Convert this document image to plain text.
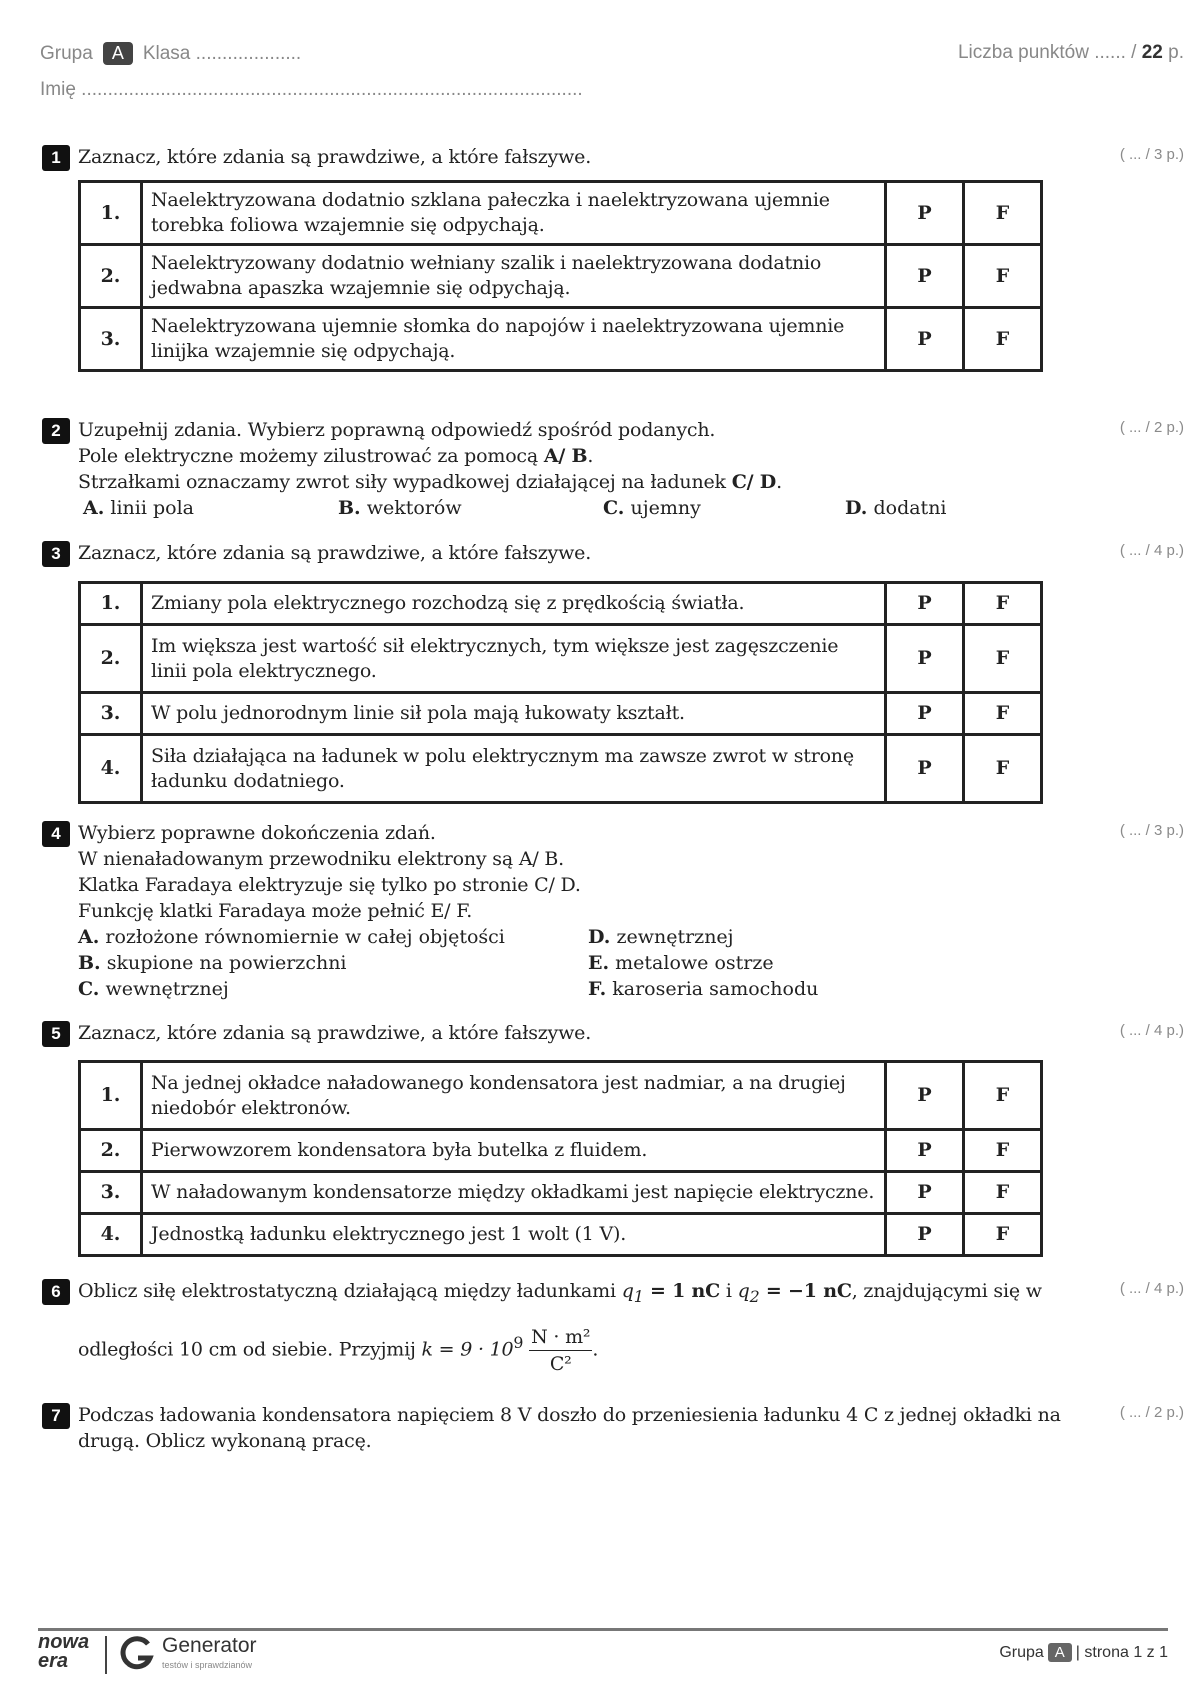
Grupa	A	Klasa ....................
Imię ...............................................................................................
Liczba punktów ...... / 22 p.
1 Zaznacz, które zdania są prawdziwe, a które fałszywe.	( ... / 3 p.)
1.	Naelektryzowana dodatnio szklana pałeczka i naelektryzowana ujemnie torebka foliowa wzajemnie się odpychają.	P	F
2.	Naelektryzowany dodatnio wełniany szalik i naelektryzowana dodatnio jedwabna apaszka wzajemnie się odpychają.	P	F
3.	Naelektryzowana ujemnie słomka do napojów i naelektryzowana ujemnie linijka wzajemnie się odpychają.	P	F
2 Uzupełnij zdania. Wybierz poprawną odpowiedź spośród podanych.
Pole elektryczne możemy zilustrować za pomocą A/ B.
Strzałkami oznaczamy zwrot siły wypadkowej działającej na ładunek C/ D.
( ... / 2 p.)
A. linii pola	B. wektorów	C. ujemny	D. dodatni
3 Zaznacz, które zdania są prawdziwe, a które fałszywe.	( ... / 4 p.)
1.	Zmiany pola elektrycznego rozchodzą się z prędkością światła.	P	F
2.	Im większa jest wartość sił elektrycznych, tym większe jest zagęszczenie linii pola elektrycznego.	P	F
3.	W polu jednorodnym linie sił pola mają łukowaty kształt.	P	F
4.	Siła działająca na ładunek w polu elektrycznym ma zawsze zwrot w stronę ładunku dodatniego.	P	F
4 Wybierz poprawne dokończenia zdań.
W nienaładowanym przewodniku elektrony są A/ B.
Klatka Faradaya elektryzuje się tylko po stronie C/ D.
Funkcję klatki Faradaya może pełnić E/ F.
( ... / 3 p.)
A. rozłożone równomiernie w całej objętości
B. skupione na powierzchni
C. wewnętrznej
D. zewnętrznej
E. metalowe ostrze
F. karoseria samochodu
5 Zaznacz, które zdania są prawdziwe, a które fałszywe.	( ... / 4 p.)
1.	Na jednej okładce naładowanego kondensatora jest nadmiar, a na drugiej niedobór elektronów.	P	F
2.	Pierwowzorem kondensatora była butelka z fluidem.	P	F
3.	W naładowanym kondensatorze między okładkami jest napięcie elektryczne.	P	F
4.	Jednostką ładunku elektrycznego jest 1 wolt (1 V).	P	F
6 Oblicz siłę elektrostatyczną działającą między ładunkami $q_1 = 1$ nC i $q_2 = -1$ nC, znajdującymi się w
odległości 10 cm od siebie. Przyjmij $k = 9 \cdot 10^9 \frac{\text{N · m²}}{\text{C²}}$ .
( ... / 4 p.)
7 Podczas ładowania kondensatora napięciem 8 V doszło do przeniesienia ładunku 4 C z jednej okładki na
drugą. Oblicz wykonaną pracę.
( ... / 2 p.)
nowa
era
Generator
testów i sprawdzianów
Grupa A | strona 1 z 1
